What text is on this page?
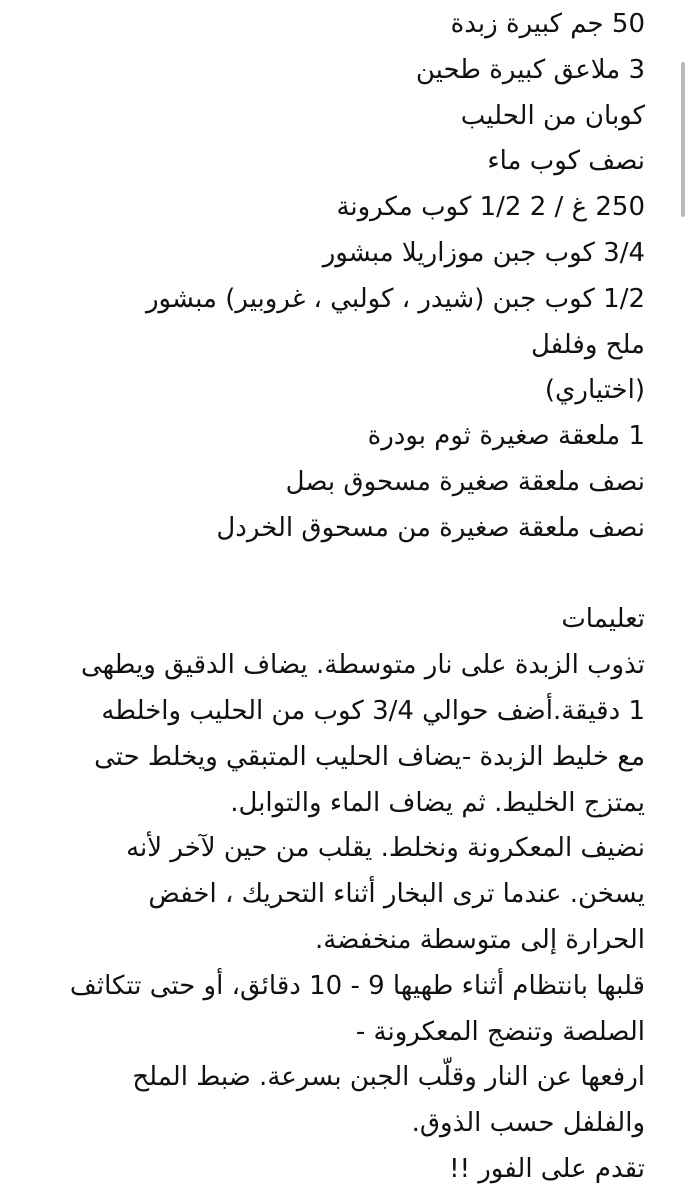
50 جم كبيرة زبدة
3 ملاعق كبيرة طحين
كوبان من الحليب
نصف كوب ماء
250 غ / 2 1/2 كوب مكرونة
3/4 كوب جبن موزاريلا مبشور
1/2 كوب جبن (شيدر ، كولبي ، غروبير) مبشور
ملح وفلفل
(اختياري)
1 ملعقة صغيرة ثوم بودرة
نصف ملعقة صغيرة مسحوق بصل
نصف ملعقة صغيرة من مسحوق الخردل
تعليمات
تذوب الزبدة على نار متوسطة. يضاف الدقيق ويطهى
1 دقيقة.أضف حوالي 3/4 كوب من الحليب واخلطه
مع خليط الزبدة -يضاف الحليب المتبقي ويخلط حتى
يمتزج الخليط. ثم يضاف الماء والتوابل.
نضيف المعكرونة ونخلط. يقلب من حين لآخر لأنه
يسخن. عندما ترى البخار أثناء التحريك ، اخفض
الحرارة إلى متوسطة منخفضة.
قلبها بانتظام أثناء طهيها 9 - 10 دقائق، أو حتى تتكاثف
الصلصة وتنضج المعكرونة -
ارفعها عن النار وقلّب الجبن بسرعة. ضبط الملح
والفلفل حسب الذوق.
تقدم على الفور !!
